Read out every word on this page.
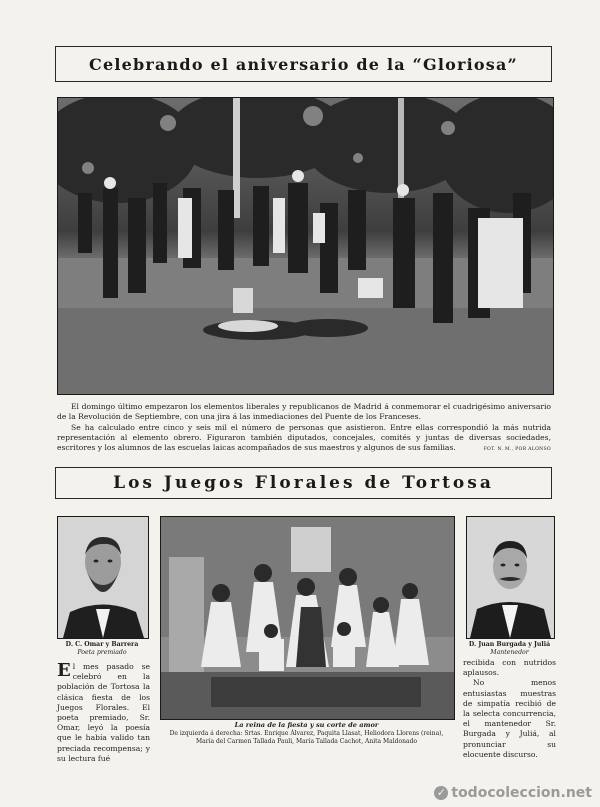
Celebrando el aniversario de la “Gloriosa”

El domingo último empezaron los elementos liberales y republicanos de Madrid á conmemorar el cuadrigésimo aniversario de la Revolución de Septiembre, con una jira á las inmediaciones del Puente de los Franceses.

Se ha calculado entre cinco y seis mil el número de personas que asistieron. Entre ellas correspondió la más nutrida representación al elemento obrero. Figuraron también diputados, concejales, comités y juntas de diversas sociedades, escritores y los alumnos de las escuelas laicas acompañados de sus maestros y algunos de sus familias.	FOT. N. M., POR ALONSO

Los Juegos Florales de Tortosa
D. C. Omar y Barrera
Poeta premiado
La reina de la fiesta y su corte de amor
De izquierda á derecha: Srtas. Enrique Álvarez, Paquita Llasat, Heliodora Llorens (reina),
María del Carmen Tallada Pauli, María Tallada Cachot, Anita Maldonado
D. Juan Burgada y Juliá
Mantenedor
El mes pasado se celebró en la población de Tortosa la clásica fiesta de los Juegos Florales. El poeta premiado, Sr. Omar, leyó la poesía que le había valido tan preciada recompensa; y su lectura fué

recibida con nutridos aplausos.

No menos entusiastas muestras de simpatía recibió de la selecta concurrencia, el mantenedor Sr. Burgada y Juliá, al pronunciar su elocuente discurso.

✓ todocoleccion.net
